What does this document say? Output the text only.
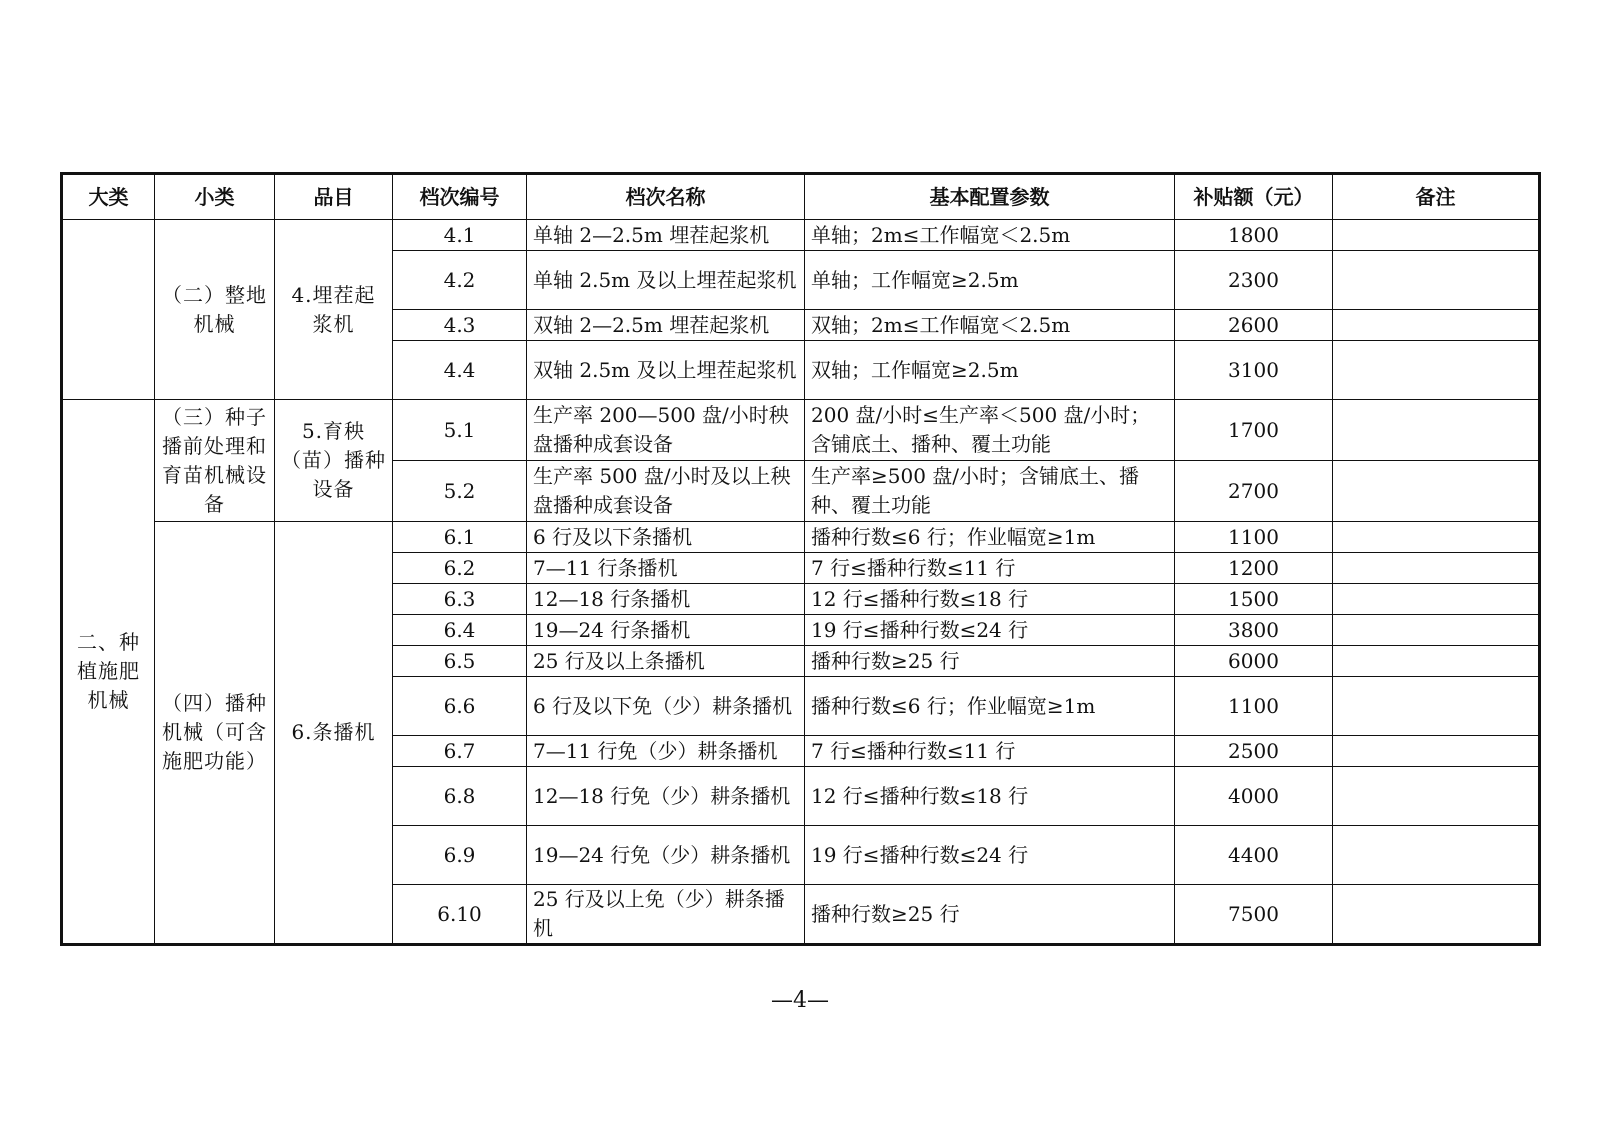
大类	小类	品目	档次编号	档次名称	基本配置参数	补贴额（元）	备注
	（二）整地机械	4.埋茬起浆机	4.1	单轴 2—2.5m 埋茬起浆机	单轴；2m≤工作幅宽＜2.5m	1800	
			4.2	单轴 2.5m 及以上埋茬起浆机	单轴；工作幅宽≥2.5m	2300	
			4.3	双轴 2—2.5m 埋茬起浆机	双轴；2m≤工作幅宽＜2.5m	2600	
			4.4	双轴 2.5m 及以上埋茬起浆机	双轴；工作幅宽≥2.5m	3100	
二、种植施肥机械	（三）种子播前处理和育苗机械设备	5.育秧（苗）播种设备	5.1	生产率 200—500 盘/小时秧盘播种成套设备	200 盘/小时≤生产率＜500 盘/小时；含铺底土、播种、覆土功能	1700	
			5.2	生产率 500 盘/小时及以上秧盘播种成套设备	生产率≥500 盘/小时；含铺底土、播种、覆土功能	2700	
	（四）播种机械（可含施肥功能）	6.条播机	6.1	6 行及以下条播机	播种行数≤6 行；作业幅宽≥1m	1100	
			6.2	7—11 行条播机	7 行≤播种行数≤11 行	1200	
			6.3	12—18 行条播机	12 行≤播种行数≤18 行	1500	
			6.4	19—24 行条播机	19 行≤播种行数≤24 行	3800	
			6.5	25 行及以上条播机	播种行数≥25 行	6000	
			6.6	6 行及以下免（少）耕条播机	播种行数≤6 行；作业幅宽≥1m	1100	
			6.7	7—11 行免（少）耕条播机	7 行≤播种行数≤11 行	2500	
			6.8	12—18 行免（少）耕条播机	12 行≤播种行数≤18 行	4000	
			6.9	19—24 行免（少）耕条播机	19 行≤播种行数≤24 行	4400	
			6.10	25 行及以上免（少）耕条播机	播种行数≥25 行	7500	
—4—
